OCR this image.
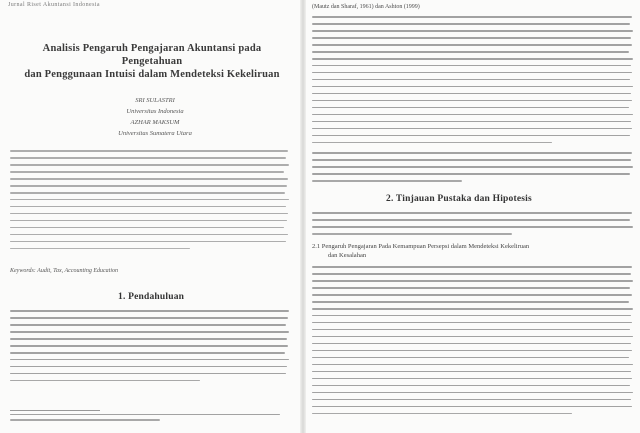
Jurnal Riset Akuntansi Indonesia
Analisis Pengaruh Pengajaran Akuntansi pada Pengetahuan
dan Penggunaan Intuisi dalam Mendeteksi Kekeliruan
SRI SULASTRI
Universitas Indonesia
AZHAR MAKSUM
Universitas Sumatera Utara
Keywords: Audit, Tax, Accounting Education
1. Pendahuluan
(Mautz dan Sharaf, 1961) dan Ashton (1999)
2. Tinjauan Pustaka dan Hipotesis
2.1 Pengaruh Pengajaran Pada Kemampuan Persepsi dalam Mendeteksi Kekeliruan
dan Kesalahan
